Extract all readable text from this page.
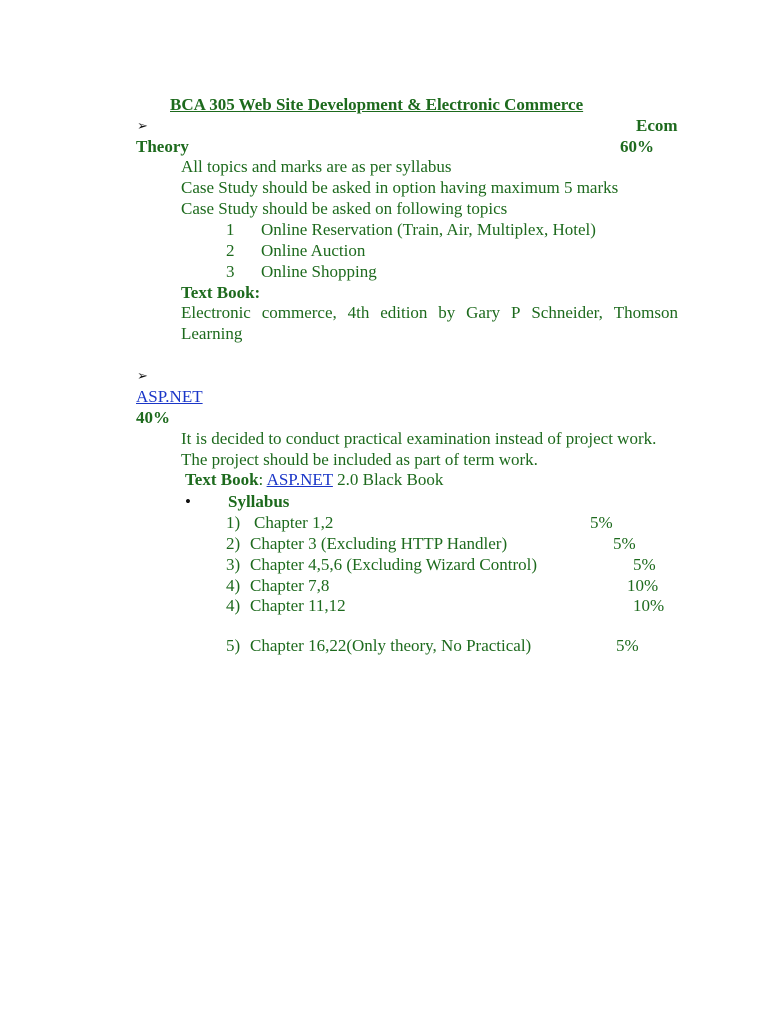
BCA 305 Web Site Development & Electronic Commerce
➢	Ecom
Theory	60%
All topics and marks are as per syllabus
Case Study should be asked in option having maximum 5 marks
Case Study should be asked on following topics
1 Online Reservation (Train, Air, Multiplex, Hotel)
2 Online Auction
3 Online Shopping
Text Book:
Electronic commerce, 4th edition by Gary P Schneider, Thomson
Learning
➢
ASP.NET
40%
It is decided to conduct practical examination instead of project work.
The project should be included as part of term work.
Text Book: ASP.NET 2.0 Black Book
• Syllabus
1) Chapter 1,2	5%
2) Chapter 3 (Excluding HTTP Handler)	5%
3) Chapter 4,5,6 (Excluding Wizard Control)	5%
4) Chapter 7,8	10%
4) Chapter 11,12	10%
5) Chapter 16,22(Only theory, No Practical)	5%
